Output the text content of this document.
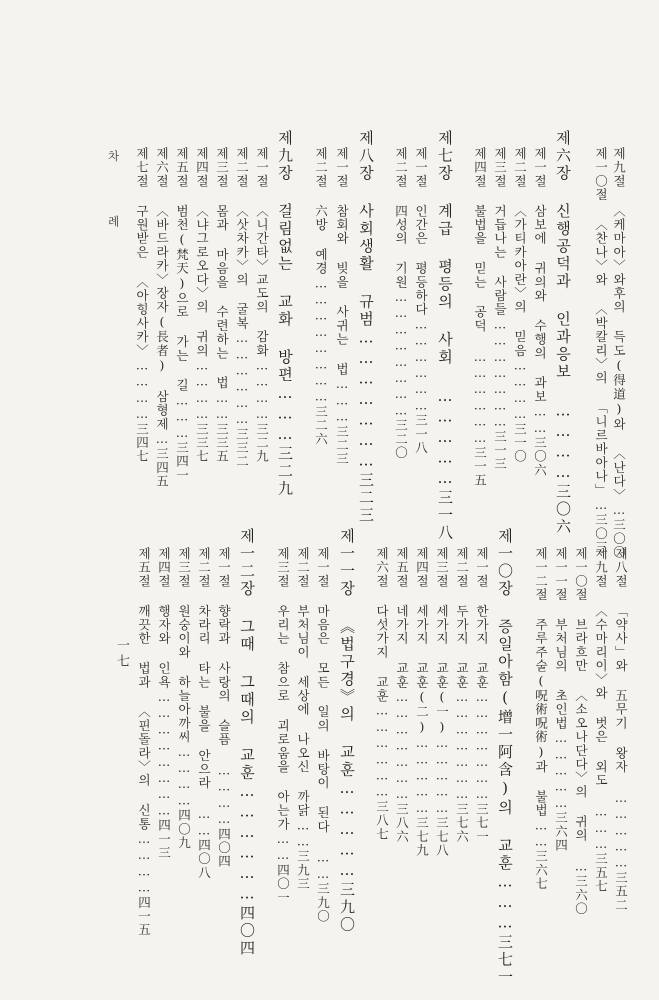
차 례	제九절 〈케마아〉와후의 득도(得道)와 〈난다〉…三〇〇
제一〇절 〈찬나〉와 〈박칼리〉의 「니르바아나」…三〇三
제六장 신행공덕과 인과응보 …………三〇六
제一절 삼보에 귀의와 수행의 과보……三〇六
제二절 〈가티카아란〉의 믿음…………三一〇
제三절 거듭나는 사람들…………………三一三
제四절 불법을 믿는 공덕 ………………三一五
제七장 계급 평등의 사회 ……………三一八
제一절 인간은 평등하다………………三一八
제二절 四성의 기원……………………三二〇
제八장 사회생활 규범…………………三二三
제一절 참회와 빚을 사귀는 법………三二三
제二절 六방 예경……………………三二六
제九장 걸림없는 교화 방편………三二九
제一절 〈니간타〉교도의 감화…………三二九
제二절 〈삿차카〉의 굴복………………三三二
제三절 몸과 마음을 수련하는 법……三三五
제四절 〈냐그로오다〉의 귀의…………三三七
제五절 범천(梵天)으로 가는 길………三四一
제六절 〈바드라카〉장자(長者) 삼형제…三四五
제七절 구원받은 〈아힝사카〉…………三四七
제八절 「약사」와 五무기 왕자 ……………三五二
제九절 〈수마리이〉와 벗은 외도 ………三五七
제一〇절 브라흐만 〈소오나단다〉의 귀의 …三六〇
제一一절 부처님의 초인법……………三六四
제一二절 주루주술(呪術呪術)과 불법……三六七
제一〇장 증일아함(增一阿含)의 교훈………三七一
제一절 한가지 교훈…………………三七一
제二절 두가지 교훈…………………三七六
제三절 세가지 교훈(一)……………三七八
제四절 세가지 교훈(二)……………三七九
제五절 네가지 교훈…………………三八六
제六절 다섯가지 교훈………………三八七
제一一장 《법구경》의 교훈……………三九〇
제一절 마음은 모든 일의 바탕이 된다 ……三九〇
제二절 부처님이 세상에 나오신 까닭……三九三
제三절 우리는 참으로 괴로움을 아는가……四〇一
제一二장 그때 그때의 교훈………………四〇四
제一절 향락과 사랑의 슬픔 …………四〇四
제二절 차라리 타는 불을 안으라 ……四〇八
제三절 원숭이와 하늘아까씨…………四〇九
제四절 행자와 인욕……………………四一三
제五절 깨끗한 법과 〈핀돌라〉의 신통…………四一五
一七
